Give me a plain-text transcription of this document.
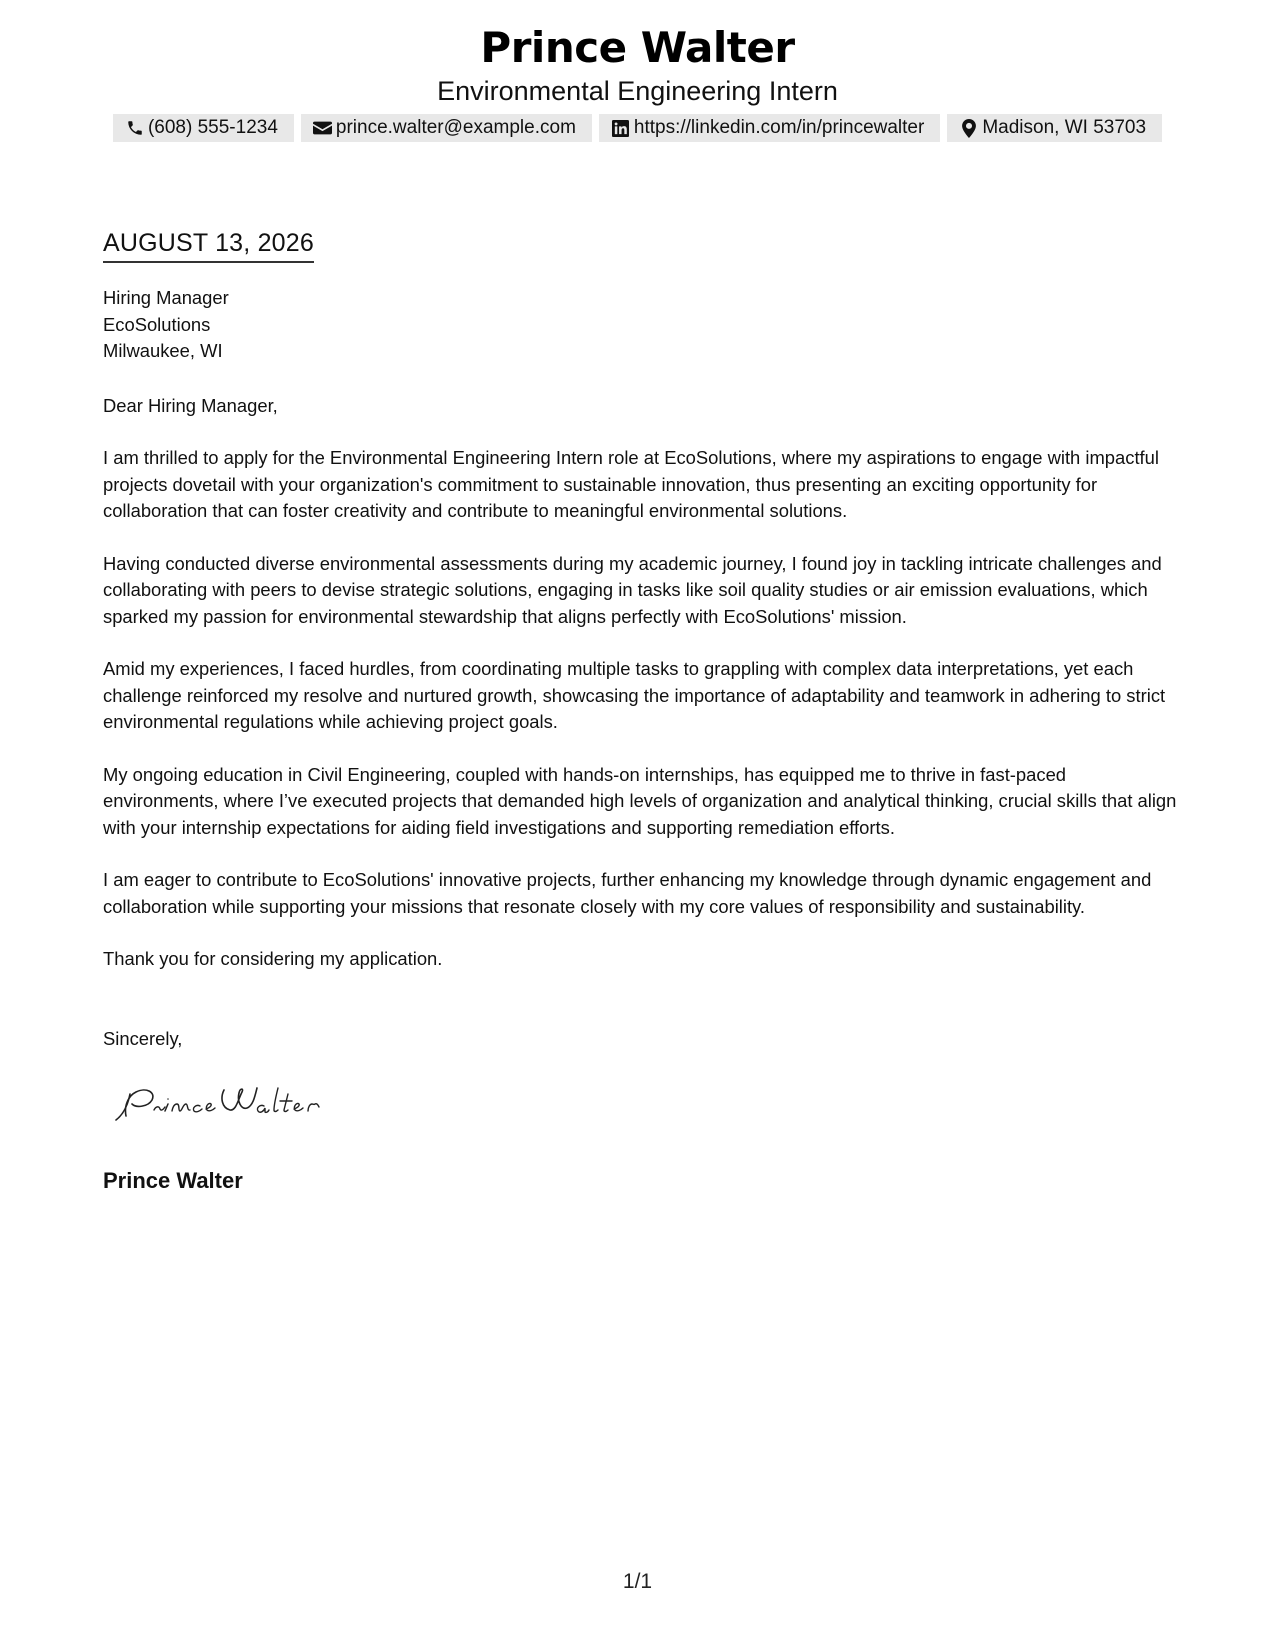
Prince Walter
Environmental Engineering Intern
(608) 555-1234	prince.walter@example.com	https://linkedin.com/in/princewalter	Madison, WI 53703
AUGUST 13, 2026
Hiring Manager
EcoSolutions
Milwaukee, WI
Dear Hiring Manager,
I am thrilled to apply for the Environmental Engineering Intern role at EcoSolutions, where my aspirations to engage with impactful projects dovetail with your organization's commitment to sustainable innovation, thus presenting an exciting opportunity for collaboration that can foster creativity and contribute to meaningful environmental solutions.
Having conducted diverse environmental assessments during my academic journey, I found joy in tackling intricate challenges and collaborating with peers to devise strategic solutions, engaging in tasks like soil quality studies or air emission evaluations, which sparked my passion for environmental stewardship that aligns perfectly with EcoSolutions' mission.
Amid my experiences, I faced hurdles, from coordinating multiple tasks to grappling with complex data interpretations, yet each challenge reinforced my resolve and nurtured growth, showcasing the importance of adaptability and teamwork in adhering to strict environmental regulations while achieving project goals.
My ongoing education in Civil Engineering, coupled with hands-on internships, has equipped me to thrive in fast-paced environments, where I’ve executed projects that demanded high levels of organization and analytical thinking, crucial skills that align with your internship expectations for aiding field investigations and supporting remediation efforts.
I am eager to contribute to EcoSolutions' innovative projects, further enhancing my knowledge through dynamic engagement and collaboration while supporting your missions that resonate closely with my core values of responsibility and sustainability.
Thank you for considering my application.
Sincerely,
Prince Walter
1/1
